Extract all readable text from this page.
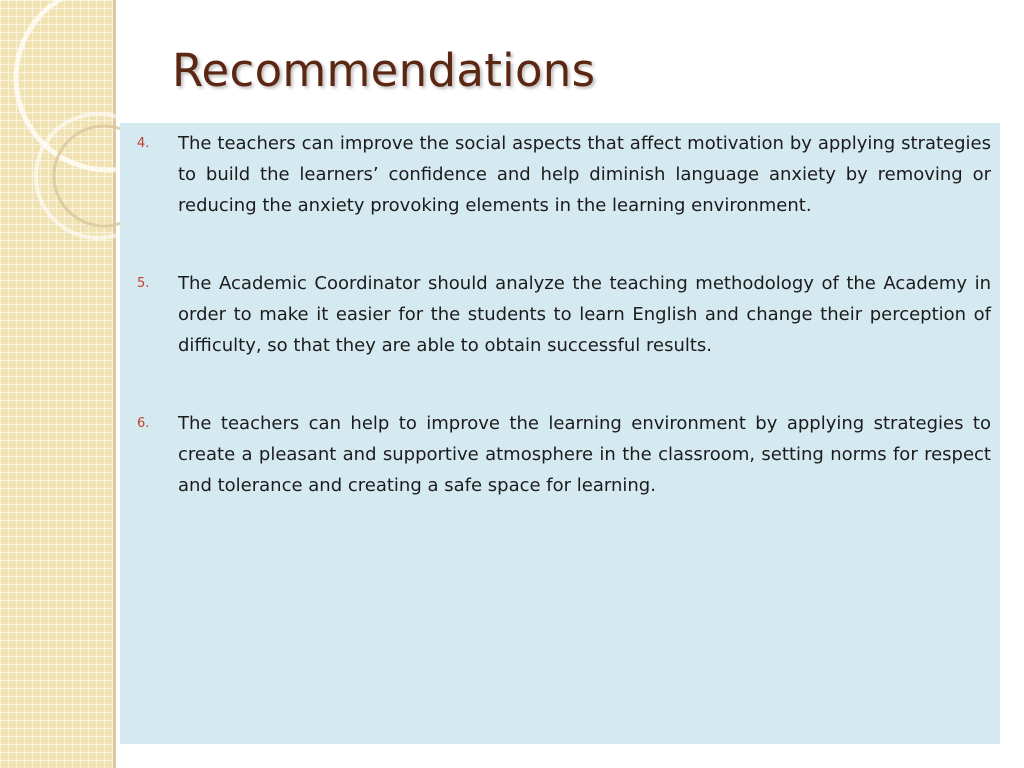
Recommendations
4. The teachers can improve the social aspects that affect motivation by applying strategies to build the learners’ confidence and help diminish language anxiety by removing or reducing the anxiety provoking elements in the learning environment.

5. The Academic Coordinator should analyze the teaching methodology of the Academy in order to make it easier for the students to learn English and change their perception of difficulty, so that they are able to obtain successful results.

6. The teachers can help to improve the learning environment by applying strategies to create a pleasant and supportive atmosphere in the classroom, setting norms for respect and tolerance and creating a safe space for learning.
